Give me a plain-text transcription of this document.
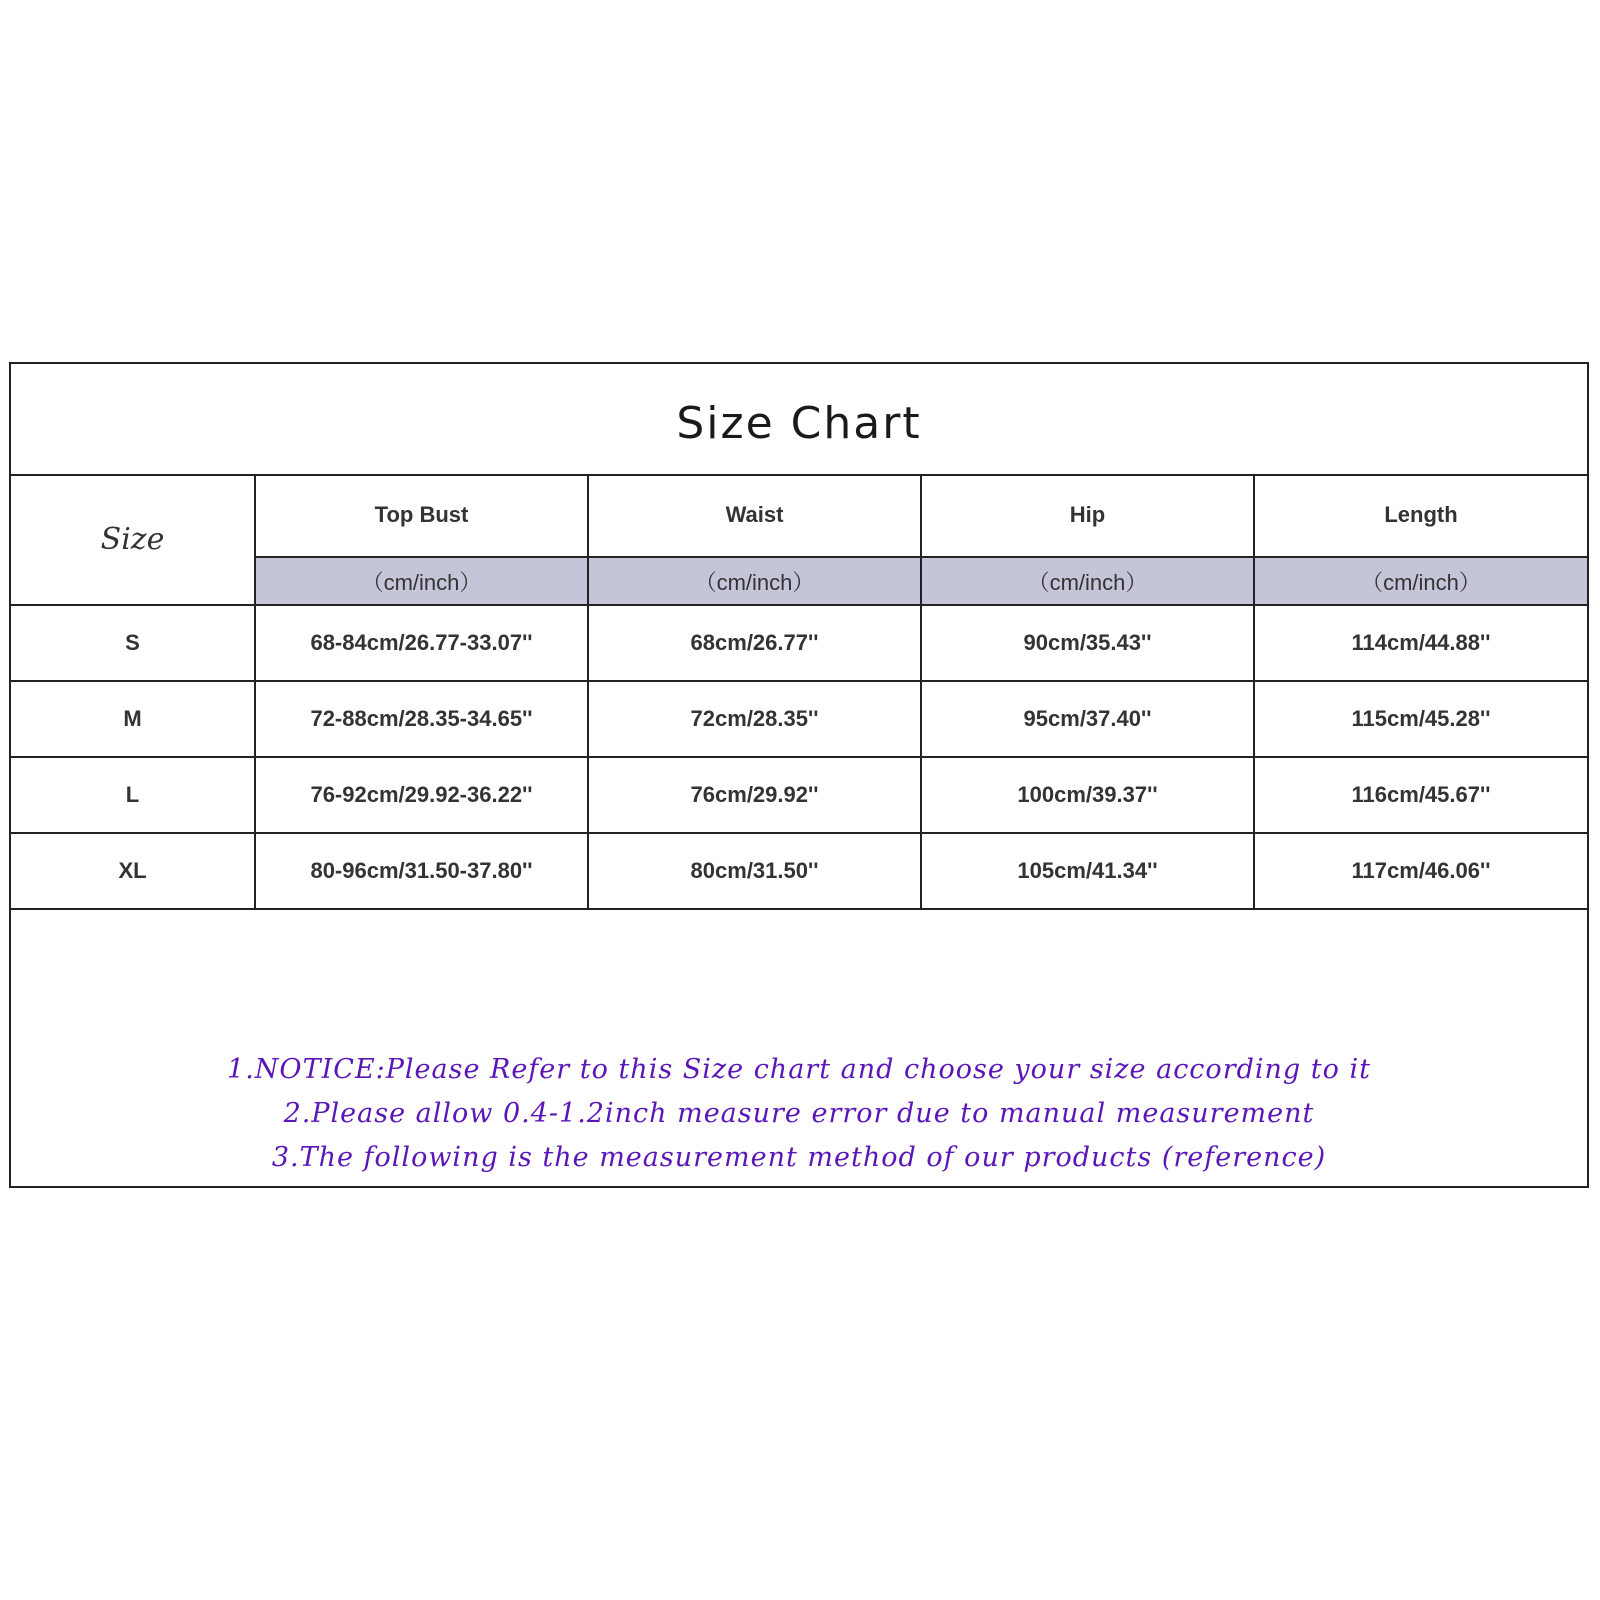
Size Chart
Size	Top Bust	Waist	Hip	Length
	（cm/inch）	（cm/inch）	（cm/inch）	（cm/inch）
S	68-84cm/26.77-33.07''	68cm/26.77''	90cm/35.43''	114cm/44.88''
M	72-88cm/28.35-34.65''	72cm/28.35''	95cm/37.40''	115cm/45.28''
L	76-92cm/29.92-36.22''	76cm/29.92''	100cm/39.37''	116cm/45.67''
XL	80-96cm/31.50-37.80''	80cm/31.50''	105cm/41.34''	117cm/46.06''
1.NOTICE:Please Refer to this Size chart and choose your size according to it
2.Please allow 0.4-1.2inch measure error due to manual measurement
3.The following is the measurement method of our products (reference)
